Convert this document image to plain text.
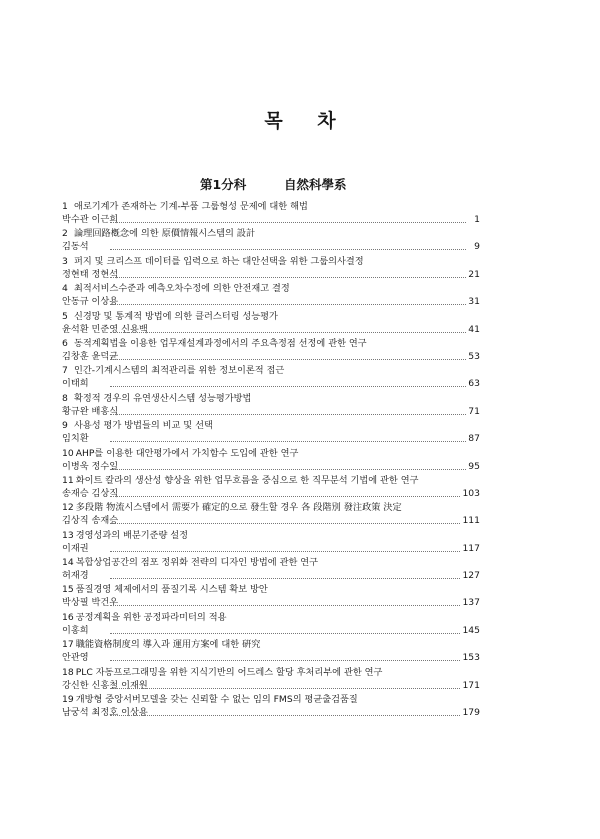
목 차
第1分科	自然科學系
1 애로기계가 존재하는 기계-부품 그룹형성 문제에 대한 해법
박수관 이근희	1
2 論理回路槪念에 의한 原價情報시스템의 設計
김동석	9
3 퍼지 및 크리스프 데이터를 입력으로 하는 대안선택을 위한 그룹의사결정
정현태 정현석	21
4 최적서비스수준과 예측오차수정에 의한 안전재고 결정
안동규 이상용	31
5 신경망 및 통계적 방법에 의한 클러스터링 성능평가
윤석환 민준영 신용백	41
6 동적계획법을 이용한 업무재설계과정에서의 주요측정점 선정에 관한 연구
김창훈 윤덕균	53
7 인간-기계시스템의 최적관리를 위한 정보이론적 접근
이태희	63
8 확정적 경우의 유연생산시스템 성능평가방법
황규완 배홍식	71
9 사용성 평가 방법들의 비교 및 선택
임치환	87
10 AHP를 이용한 대안평가에서 가치함수 도입에 관한 연구
이병욱 정수일	95
11 화이트 칼라의 생산성 향상을 위한 업무흐름을 중심으로 한 직무분석 기법에 관한 연구
송재승 김상직	103
12 多段階 物流시스템에서 需要가 確定的으로 發生할 경우 各 段階別 發注政策 決定
김상직 송재승	111
13 경영성과의 배분기준량 설정
이재권	117
14 복합상업공간의 점포 정위화 전략의 디자인 방법에 관한 연구
허재경	127
15 품질경영 체제에서의 품질기록 시스템 확보 방안
박상필 박건우	137
16 공정계획을 위한 공정파라미터의 적용
이홍희	145
17 職能資格制度의 導入과 運用方案에 대한 硏究
안관영	153
18 PLC 자동프로그래밍을 위한 지식기반의 어드레스 할당 후처리부에 관한 연구
강신한 신홍철 이재원	171
19 개방형 중앙서버모델을 갖는 신뢰할 수 없는 임의 FMS의 평균출검품질
남궁석 최정호 이상용	179
